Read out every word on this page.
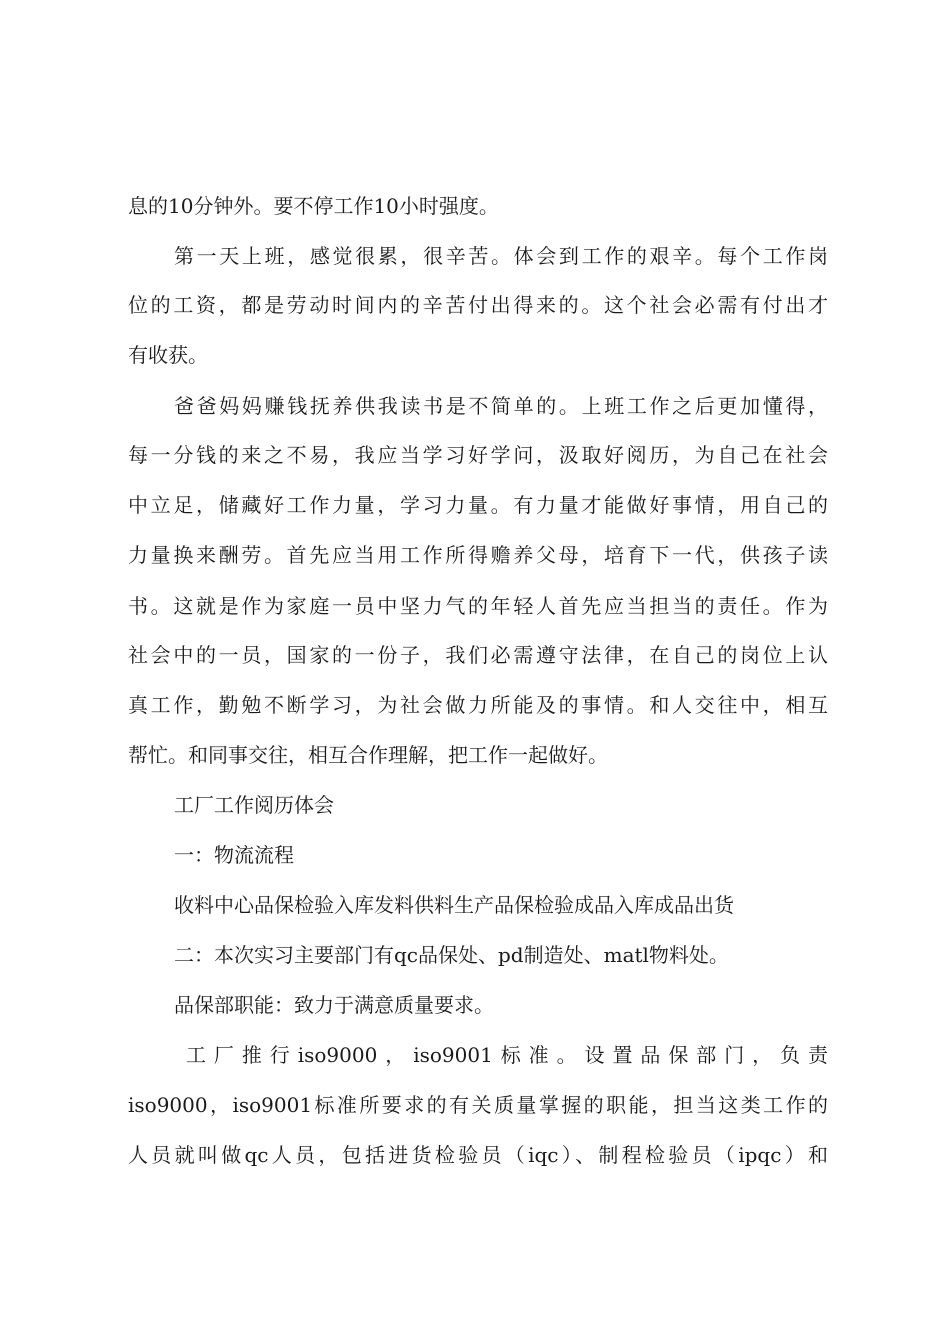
息的10分钟外。要不停工作10小时强度。
第一天上班，感觉很累，很辛苦。体会到工作的艰辛。每个工作岗
位的工资，都是劳动时间内的辛苦付出得来的。这个社会必需有付出才
有收获。
爸爸妈妈赚钱抚养供我读书是不简单的。上班工作之后更加懂得，
每一分钱的来之不易，我应当学习好学问，汲取好阅历，为自己在社会
中立足，储藏好工作力量，学习力量。有力量才能做好事情，用自己的
力量换来酬劳。首先应当用工作所得赡养父母，培育下一代，供孩子读
书。这就是作为家庭一员中坚力气的年轻人首先应当担当的责任。作为
社会中的一员，国家的一份子，我们必需遵守法律，在自己的岗位上认
真工作，勤勉不断学习，为社会做力所能及的事情。和人交往中，相互
帮忙。和同事交往，相互合作理解，把工作一起做好。
工厂工作阅历体会
一：物流流程
收料中心品保检验入库发料供料生产品保检验成品入库成品出货
二：本次实习主要部门有qc品保处、pd制造处、matl物料处。
品保部职能：致力于满意质量要求。
工厂推行iso9000，iso9001标准。设置品保部门，负责
iso9000，iso9001标准所要求的有关质量掌握的职能，担当这类工作的
人员就叫做qc人员，包括进货检验员（iqc）、制程检验员（ipqc）和
